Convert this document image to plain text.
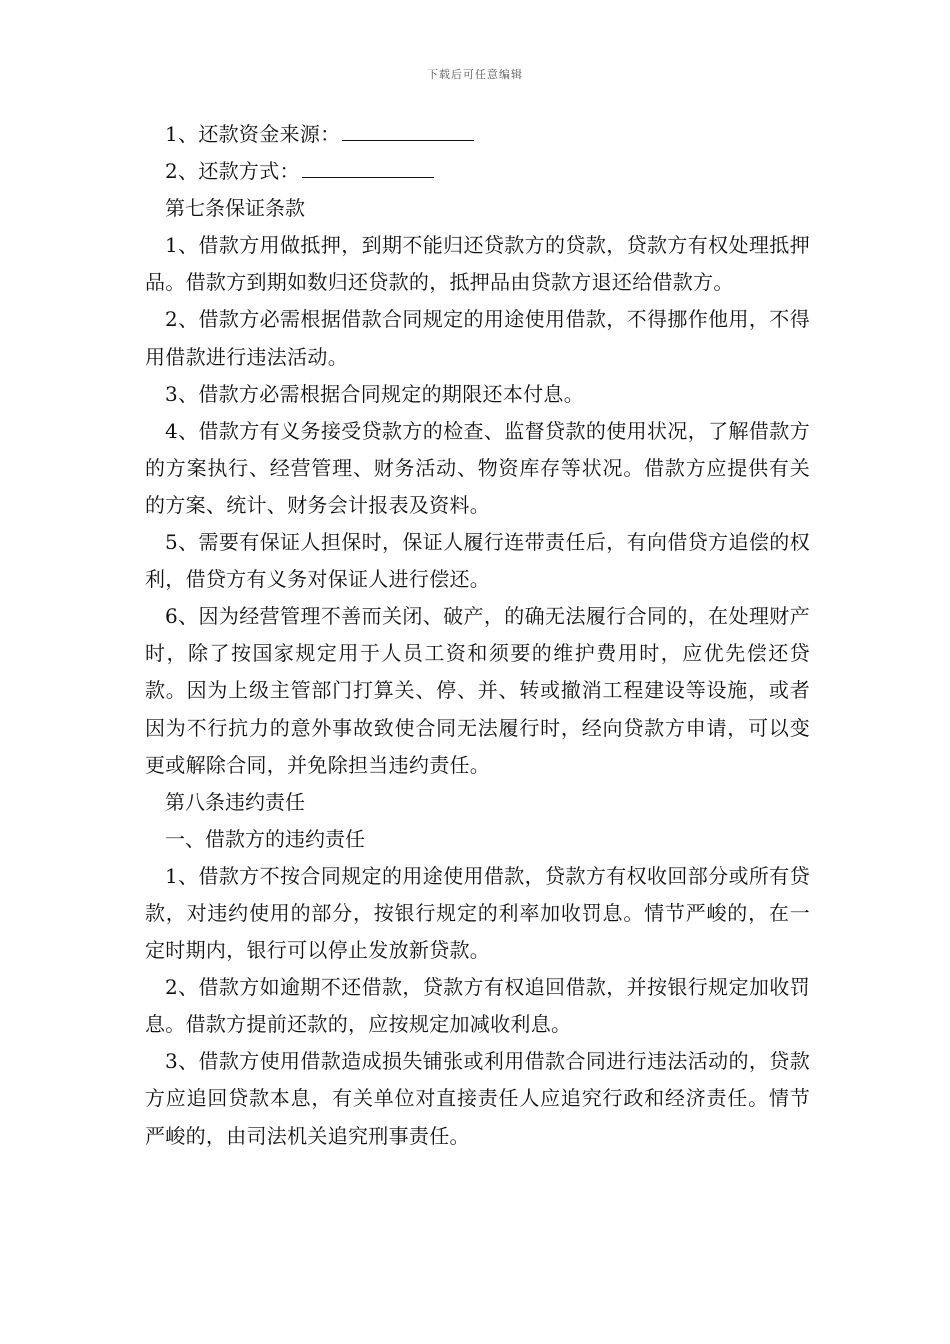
下载后可任意编辑

1、还款资金来源：

2、还款方式：

第七条保证条款

1、借款方用做抵押，到期不能归还贷款方的贷款，贷款方有权处理抵押品。借款方到期如数归还贷款的，抵押品由贷款方退还给借款方。

2、借款方必需根据借款合同规定的用途使用借款，不得挪作他用，不得用借款进行违法活动。

3、借款方必需根据合同规定的期限还本付息。

4、借款方有义务接受贷款方的检查、监督贷款的使用状况，了解借款方的方案执行、经营管理、财务活动、物资库存等状况。借款方应提供有关的方案、统计、财务会计报表及资料。

5、需要有保证人担保时，保证人履行连带责任后，有向借贷方追偿的权利，借贷方有义务对保证人进行偿还。

6、因为经营管理不善而关闭、破产，的确无法履行合同的，在处理财产时，除了按国家规定用于人员工资和须要的维护费用时，应优先偿还贷款。因为上级主管部门打算关、停、并、转或撤消工程建设等设施，或者因为不行抗力的意外事故致使合同无法履行时，经向贷款方申请，可以变更或解除合同，并免除担当违约责任。

第八条违约责任

一、借款方的违约责任

1、借款方不按合同规定的用途使用借款，贷款方有权收回部分或所有贷款，对违约使用的部分，按银行规定的利率加收罚息。情节严峻的，在一定时期内，银行可以停止发放新贷款。

2、借款方如逾期不还借款，贷款方有权追回借款，并按银行规定加收罚息。借款方提前还款的，应按规定加减收利息。

3、借款方使用借款造成损失铺张或利用借款合同进行违法活动的，贷款方应追回贷款本息，有关单位对直接责任人应追究行政和经济责任。情节严峻的，由司法机关追究刑事责任。
